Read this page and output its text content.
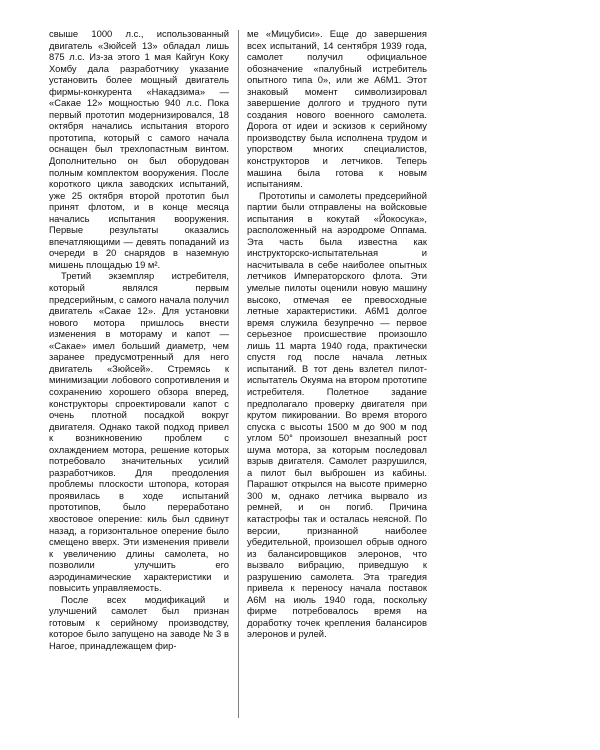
свыше 1000 л.с., использованный двигатель «Зюйсей 13» обладал лишь 875 л.с. Из-за этого 1 мая Кайгун Коку Хомбу дала разработчику указание установить более мощный двигатель фирмы-конкурента «Накадзима» — «Сакае 12» мощностью 940 л.с. Пока первый прототип модернизировался, 18 октября начались испытания второго прототипа, который с самого начала оснащен был трехлопастным винтом. Дополнительно он был оборудован полным комплектом вооружения. После короткого цикла заводских испытаний, уже 25 октября второй прототип был принят флотом, и в конце месяца начались испытания вооружения. Первые результаты оказались впечатляющими — девять попаданий из очереди в 20 снарядов в наземную мишень площадью 19 м².

Третий экземпляр истребителя, который являлся первым предсерийным, с самого начала получил двигатель «Сакае 12». Для установки нового мотора пришлось внести изменения в мотораму и капот — «Сакае» имел больший диаметр, чем заранее предусмотренный для него двигатель «Зюйсей». Стремясь к минимизации лобового сопротивления и сохранению хорошего обзора вперед, конструкторы спроектировали капот с очень плотной посадкой вокруг двигателя. Однако такой подход привел к возникновению проблем с охлаждением мотора, решение которых потребовало значительных усилий разработчиков. Для преодоления проблемы плоскости штопора, которая проявилась в ходе испытаний прототипов, было переработано хвостовое оперение: киль был сдвинут назад, а горизонтальное оперение было смещено вверх. Эти изменения привели к увеличению длины самолета, но позволили улучшить его аэродинамические характеристики и повысить управляемость.

После всех модификаций и улучшений самолет был признан готовым к серийному производству, которое было запущено на заводе № 3 в Нагое, принадлежащем фир-

ме «Мицубиси». Еще до завершения всех испытаний, 14 сентября 1939 года, самолет получил официальное обозначение «палубный истребитель опытного типа 0», или же А6М1. Этот знаковый момент символизировал завершение долгого и трудного пути создания нового военного самолета. Дорога от идеи и эскизов к серийному производству была исполнена трудом и упорством многих специалистов, конструкторов и летчиков. Теперь машина была готова к новым испытаниям.

Прототипы и самолеты предсерийной партии были отправлены на войсковые испытания в кокутай «Йокосука», расположенный на аэродроме Оппама. Эта часть была известна как инструкторско-испытательная и насчитывала в себе наиболее опытных летчиков Императорского флота. Эти умелые пилоты оценили новую машину высоко, отмечая ее превосходные летные характеристики. А6М1 долгое время служила безупречно — первое серьезное происшествие произошло лишь 11 марта 1940 года, практически спустя год после начала летных испытаний. В тот день взлетел пилот-испытатель Окуяма на втором прототипе истребителя. Полетное задание предполагало проверку двигателя при крутом пикировании. Во время второго спуска с высоты 1500 м до 900 м под углом 50° произошел внезапный рост шума мотора, за которым последовал взрыв двигателя. Самолет разрушился, а пилот был выброшен из кабины. Парашют открылся на высоте примерно 300 м, однако летчика вырвало из ремней, и он погиб. Причина катастрофы так и осталась неясной. По версии, признанной наиболее убедительной, произошел обрыв одного из балансировщиков элеронов, что вызвало вибрацию, приведшую к разрушению самолета. Эта трагедия привела к переносу начала поставок А6М на июль 1940 года, поскольку фирме потребовалось время на доработку точек крепления балансиров элеронов и рулей.
